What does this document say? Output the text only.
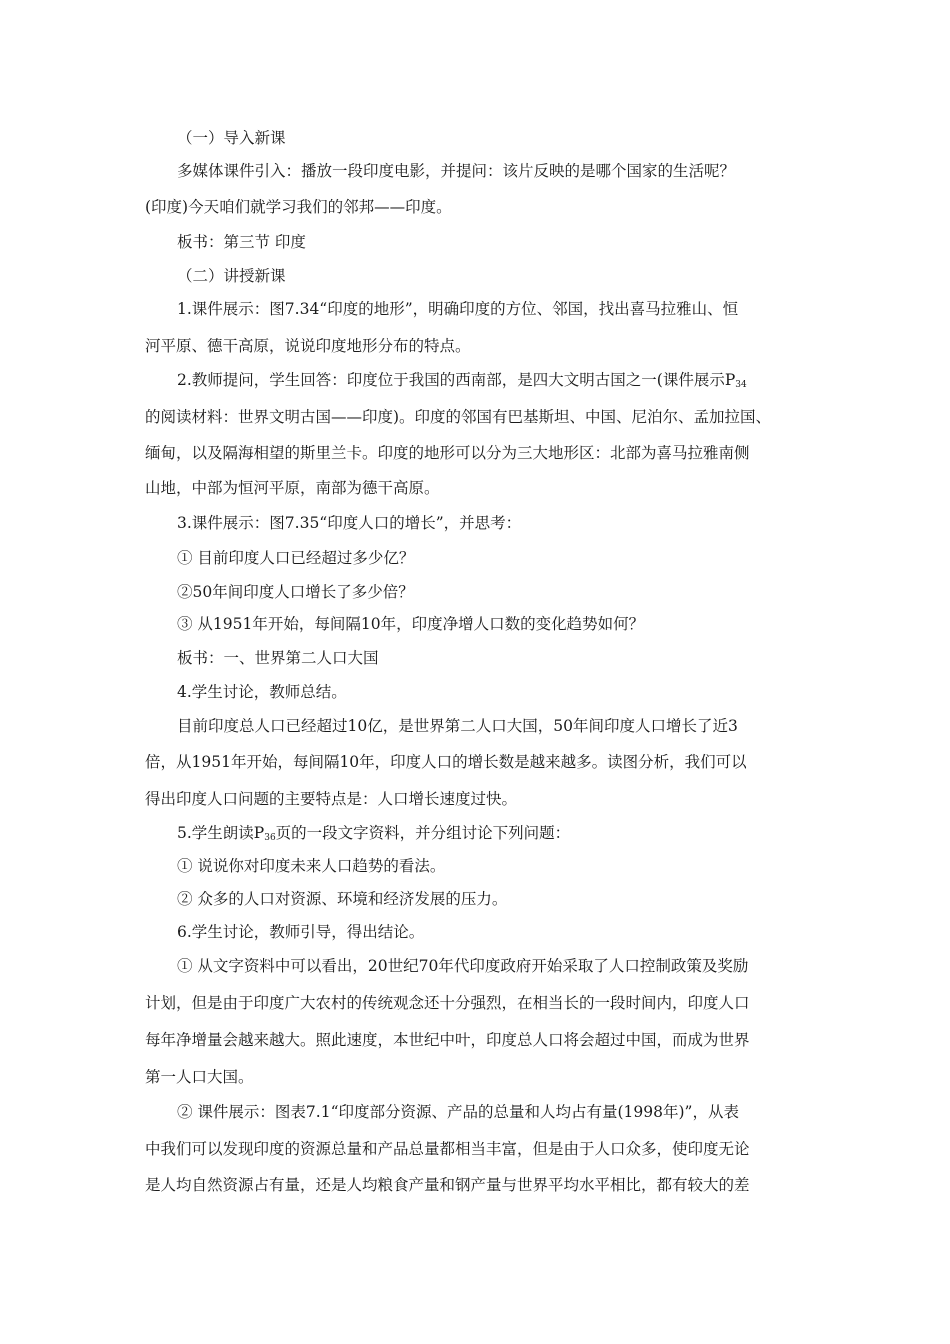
（一）导入新课
多媒体课件引入：播放一段印度电影，并提问：该片反映的是哪个国家的生活呢？
(印度)今天咱们就学习我们的邻邦——印度。
板书：第三节 印度
（二）讲授新课
1.课件展示：图7.34“印度的地形”，明确印度的方位、邻国，找出喜马拉雅山、恒
河平原、德干高原，说说印度地形分布的特点。
2.教师提问，学生回答：印度位于我国的西南部，是四大文明古国之一(课件展示$P_{34}$
的阅读材料：世界文明古国——印度)。印度的邻国有巴基斯坦、中国、尼泊尔、孟加拉国、
缅甸，以及隔海相望的斯里兰卡。印度的地形可以分为三大地形区：北部为喜马拉雅南侧
山地，中部为恒河平原，南部为德干高原。
3.课件展示：图7.35“印度人口的增长”，并思考：
① 目前印度人口已经超过多少亿？
②50年间印度人口增长了多少倍？
③ 从1951年开始，每间隔10年，印度净增人口数的变化趋势如何？
板书：一、世界第二人口大国
4.学生讨论，教师总结。
目前印度总人口已经超过10亿，是世界第二人口大国，50年间印度人口增长了近3
倍，从1951年开始，每间隔10年，印度人口的增长数是越来越多。读图分析，我们可以
得出印度人口问题的主要特点是：人口增长速度过快。
5.学生朗读$P_{36}$页的一段文字资料，并分组讨论下列问题：
① 说说你对印度未来人口趋势的看法。
② 众多的人口对资源、环境和经济发展的压力。
6.学生讨论，教师引导，得出结论。
① 从文字资料中可以看出，20世纪70年代印度政府开始采取了人口控制政策及奖励
计划，但是由于印度广大农村的传统观念还十分强烈，在相当长的一段时间内，印度人口
每年净增量会越来越大。照此速度，本世纪中叶，印度总人口将会超过中国，而成为世界
第一人口大国。
② 课件展示：图表7.1“印度部分资源、产品的总量和人均占有量(1998年)”，从表
中我们可以发现印度的资源总量和产品总量都相当丰富，但是由于人口众多，使印度无论
是人均自然资源占有量，还是人均粮食产量和钢产量与世界平均水平相比，都有较大的差
